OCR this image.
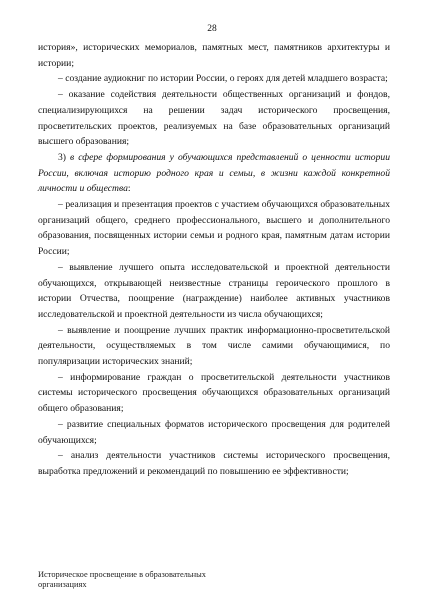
28

история», исторических мемориалов, памятных мест, памятников архитектуры и истории;

– создание аудиокниг по истории России, о героях для детей младшего возраста;

– оказание содействия деятельности общественных организаций и фондов, специализирующихся на решении задач исторического просвещения, просветительских проектов, реализуемых на базе образовательных организаций высшего образования;

3) в сфере формирования у обучающихся представлений о ценности истории России, включая историю родного края и семьи, в жизни каждой конкретной личности и общества:

– реализация и презентация проектов с участием обучающихся образовательных организаций общего, среднего профессионального, высшего и дополнительного образования, посвященных истории семьи и родного края, памятным датам истории России;

– выявление лучшего опыта исследовательской и проектной деятельности обучающихся, открывающей неизвестные страницы героического прошлого в истории Отчества, поощрение (награждение) наиболее активных участников исследовательской и проектной деятельности из числа обучающихся;

– выявление и поощрение лучших практик информационно-просветительской деятельности, осуществляемых в том числе самими обучающимися, по популяризации исторических знаний;

– информирование граждан о просветительской деятельности участников системы исторического просвещения обучающихся образовательных организаций общего образования;

– развитие специальных форматов исторического просвещения для родителей обучающихся;

– анализ деятельности участников системы исторического просвещения, выработка предложений и рекомендаций по повышению ее эффективности;

Историческое просвещение в образовательных
организациях
